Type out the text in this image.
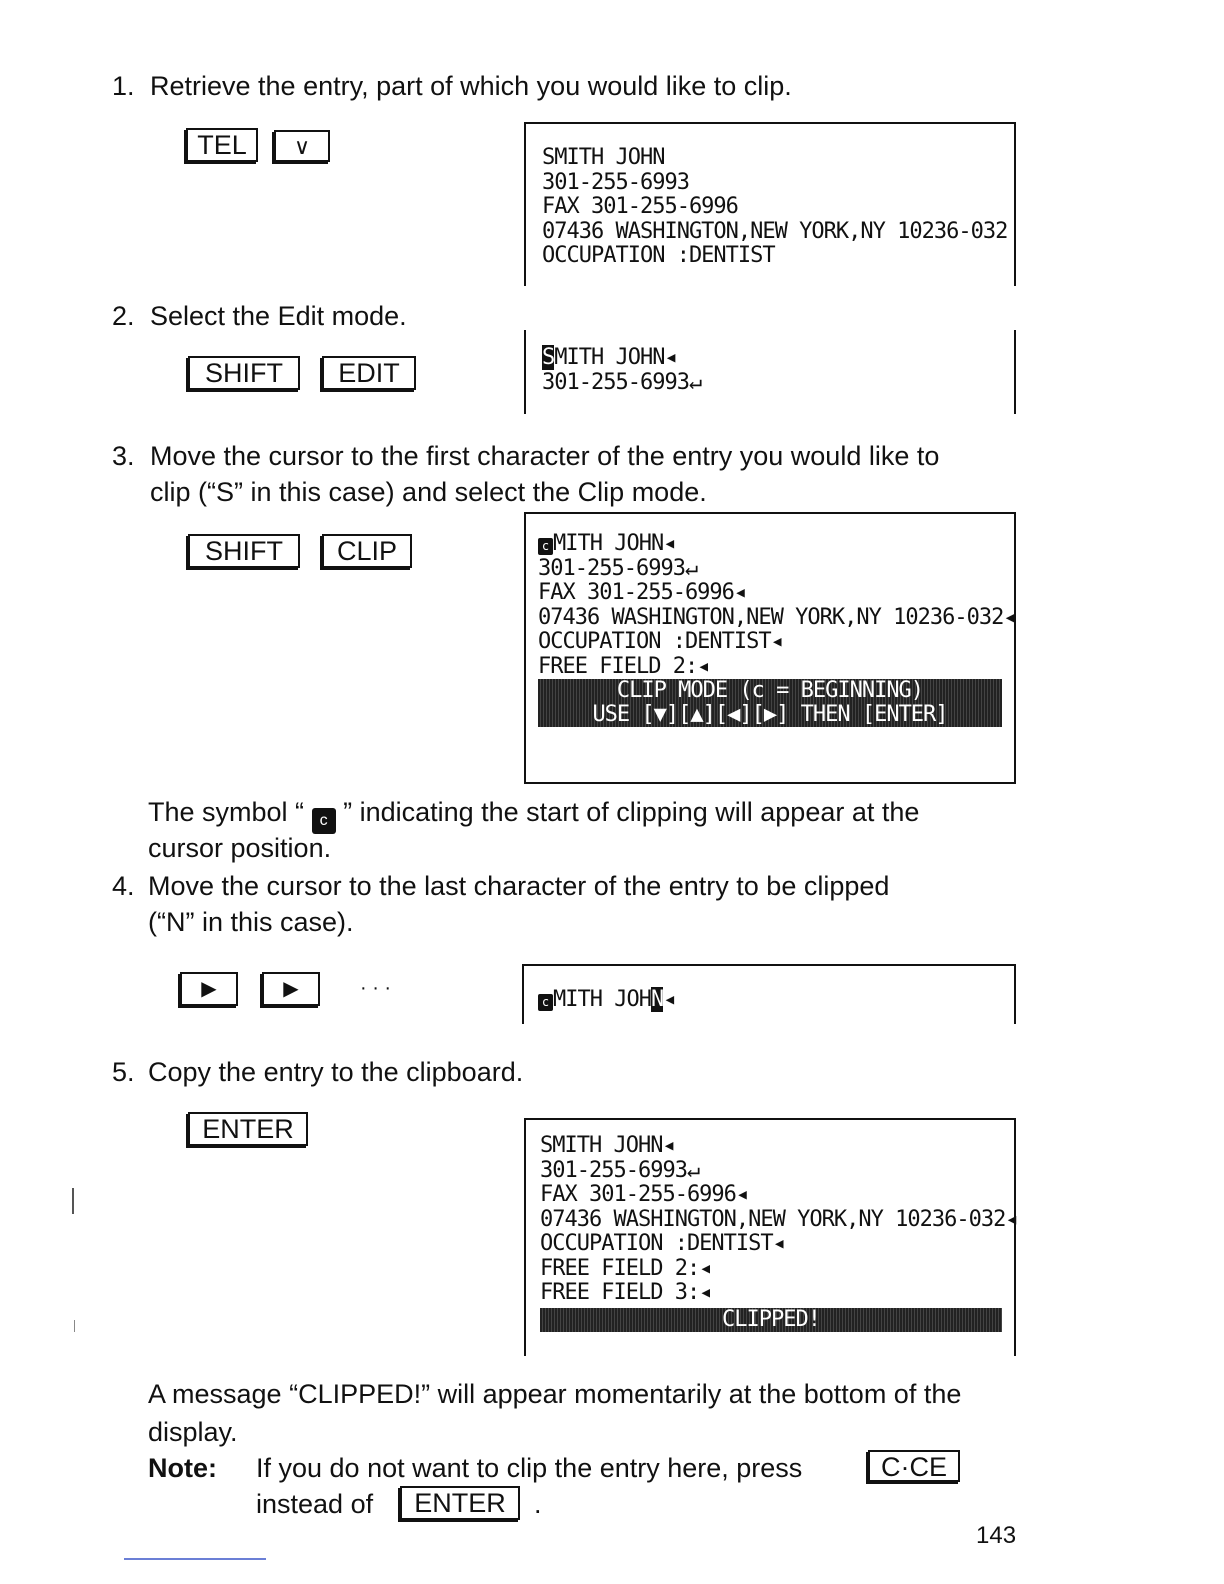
1. Retrieve the entry, part of which you would like to clip.
TEL	∨	SMITH JOHN
301-255-6993
FAX 301-255-6996
07436 WASHINGTON,NEW YORK,NY 10236-032
OCCUPATION :DENTIST
2. Select the Edit mode.
SHIFT	EDIT
SMITH JOHN◂
301-255-6993↵
3. Move the cursor to the first character of the entry you would like to
clip (“S” in this case) and select the Clip mode.
SHIFT	CLIP	c MITH JOHN◂
301-255-6993↵
FAX 301-255-6996◂
07436 WASHINGTON,NEW YORK,NY 10236-032◂
OCCUPATION :DENTIST◂
FREE FIELD 2:◂
CLIP MODE (c = BEGINNING)
USE [▼][▲][◀][▶] THEN [ENTER]
The symbol “ c ” indicating the start of clipping will appear at the
cursor position.
4. Move the cursor to the last character of the entry to be clipped
(“N” in this case).
▶	▶	· · ·
c MITH JOHN◂
5. Copy the entry to the clipboard.
ENTER
SMITH JOHN◂
301-255-6993↵
FAX 301-255-6996◂
07436 WASHINGTON,NEW YORK,NY 10236-032◂
OCCUPATION :DENTIST◂
FREE FIELD 2:◂
FREE FIELD 3:◂
CLIPPED!
A message “CLIPPED!” will appear momentarily at the bottom of the
display.
Note: If you do not want to clip the entry here, press	C·CE
instead of	ENTER	.
143
